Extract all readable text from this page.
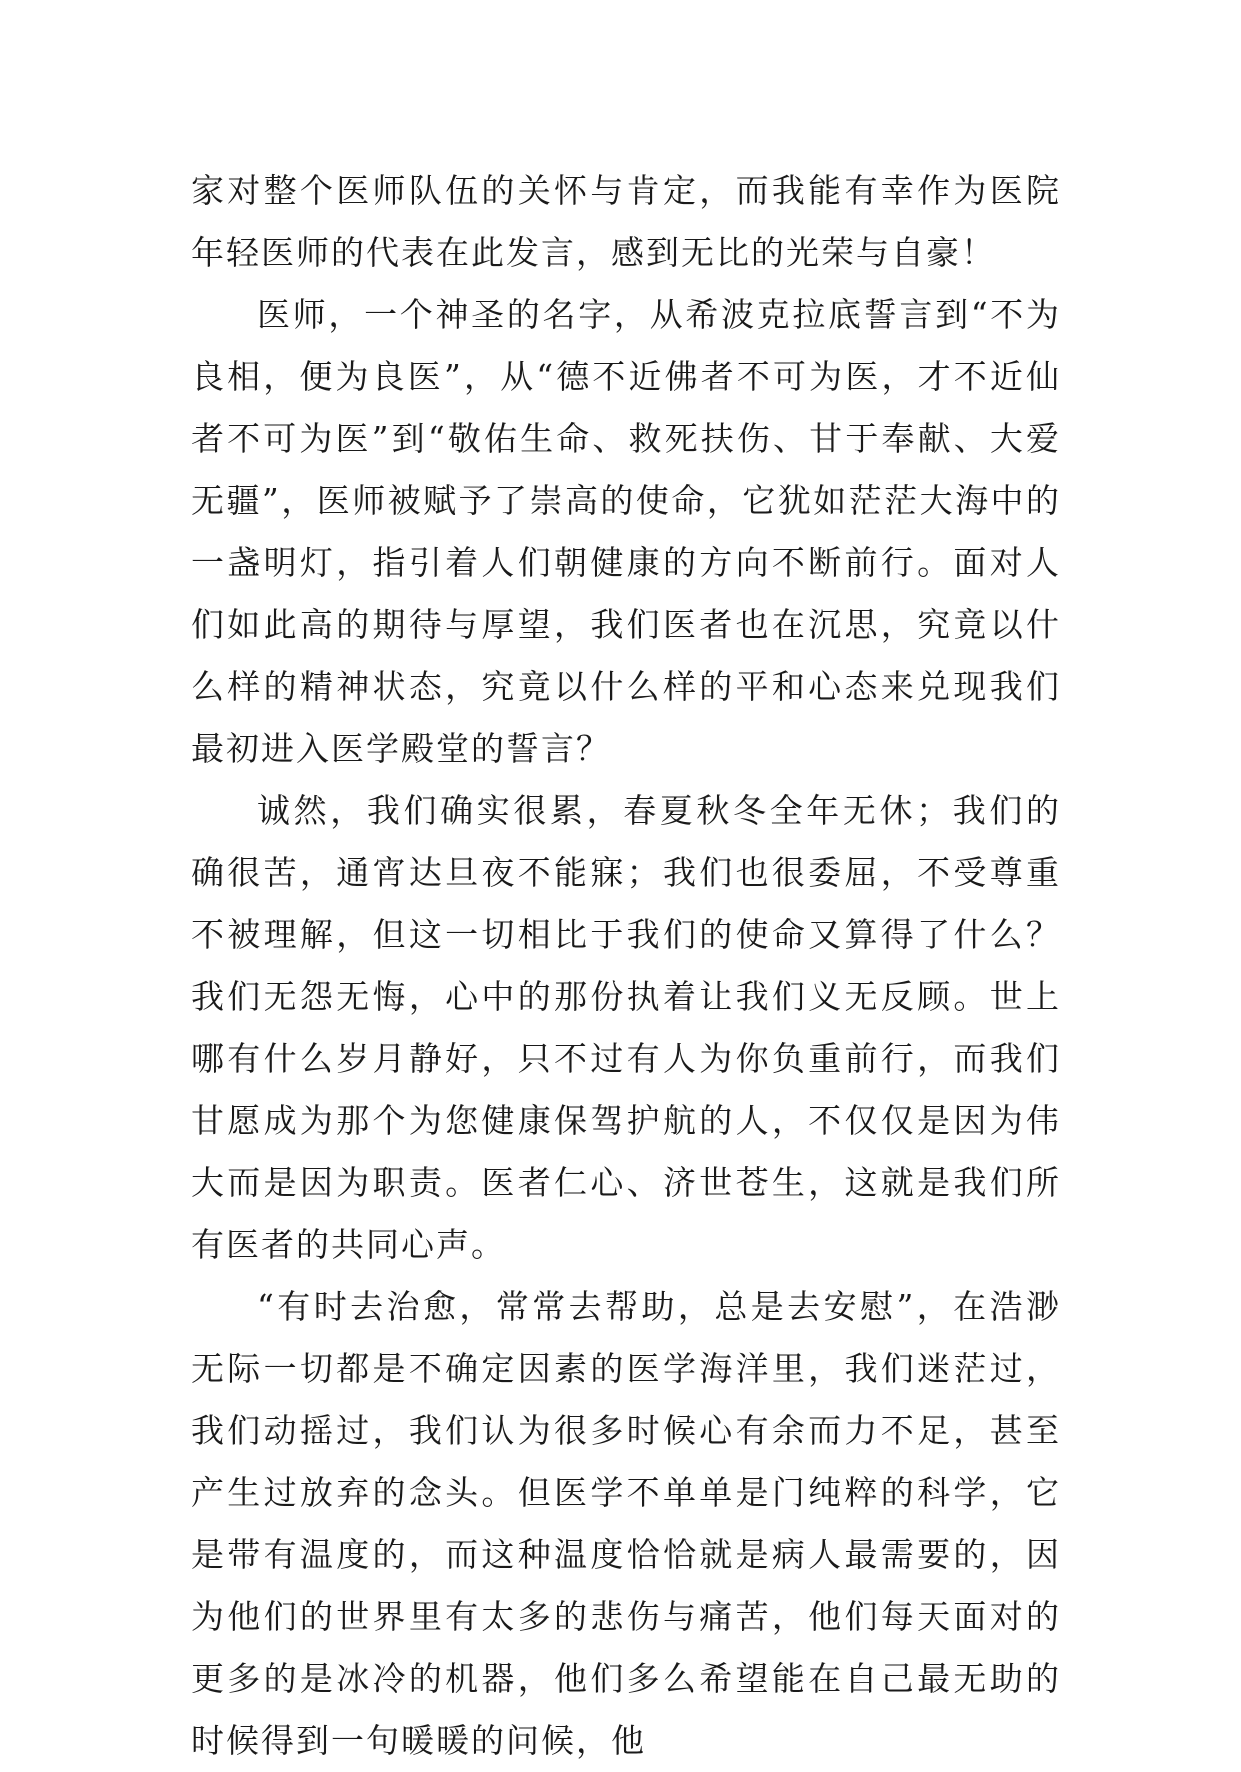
家对整个医师队伍的关怀与肯定，而我能有幸作为医院年轻医师的代表在此发言，感到无比的光荣与自豪！

医师，一个神圣的名字，从希波克拉底誓言到“不为良相，便为良医”，从“德不近佛者不可为医，才不近仙者不可为医”到“敬佑生命、救死扶伤、甘于奉献、大爱无疆”，医师被赋予了崇高的使命，它犹如茫茫大海中的一盏明灯，指引着人们朝健康的方向不断前行。面对人们如此高的期待与厚望，我们医者也在沉思，究竟以什么样的精神状态，究竟以什么样的平和心态来兑现我们最初进入医学殿堂的誓言？

诚然，我们确实很累，春夏秋冬全年无休；我们的确很苦，通宵达旦夜不能寐；我们也很委屈，不受尊重不被理解，但这一切相比于我们的使命又算得了什么？我们无怨无悔，心中的那份执着让我们义无反顾。世上哪有什么岁月静好，只不过有人为你负重前行，而我们甘愿成为那个为您健康保驾护航的人，不仅仅是因为伟大而是因为职责。医者仁心、济世苍生，这就是我们所有医者的共同心声。

“有时去治愈，常常去帮助，总是去安慰”，在浩渺无际一切都是不确定因素的医学海洋里，我们迷茫过，我们动摇过，我们认为很多时候心有余而力不足，甚至产生过放弃的念头。但医学不单单是门纯粹的科学，它是带有温度的，而这种温度恰恰就是病人最需要的，因为他们的世界里有太多的悲伤与痛苦，他们每天面对的更多的是冰冷的机器，他们多么希望能在自己最无助的时候得到一句暖暖的问候，他
